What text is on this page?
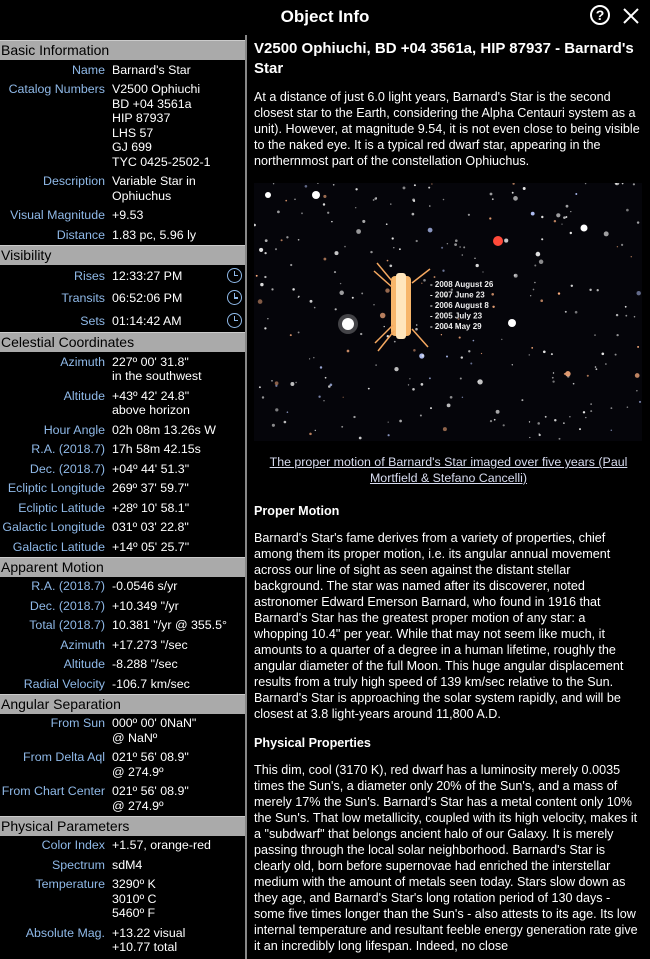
Object Info	?
Basic Information
Name Barnard's Star
Catalog Numbers V2500 Ophiuchi
BD +04 3561a
HIP 87937
LHS 57
GJ 699
TYC 0425-2502-1
Description Variable Star in
Ophiuchus
Visual Magnitude +9.53
Distance 1.83 pc, 5.96 ly
Visibility
Rises 12:33:27 PM
Transits 06:52:06 PM
Sets 01:14:42 AM
Celestial Coordinates
Azimuth 227º 00' 31.8"
in the southwest
Altitude +43º 42' 24.8"
above horizon
Hour Angle 02h 08m 13.26s W
R.A. (2018.7) 17h 58m 42.15s
Dec. (2018.7) +04º 44' 51.3"
Ecliptic Longitude 269º 37' 59.7"
Ecliptic Latitude +28º 10' 58.1"
Galactic Longitude 031º 03' 22.8"
Galactic Latitude +14º 05' 25.7"
Apparent Motion
R.A. (2018.7) -0.0546 s/yr
Dec. (2018.7) +10.349 "/yr
Total (2018.7) 10.381 "/yr @ 355.5°
Azimuth +17.273 "/sec
Altitude -8.288 "/sec
Radial Velocity -106.7 km/sec
Angular Separation
From Sun 000º 00' 0NaN"
@ NaNº
From Delta Aql 021º 56' 08.9"
@ 274.9º
From Chart Center 021º 56' 08.9"
@ 274.9º
Physical Parameters
Color Index +1.57, orange-red
Spectrum sdM4
Temperature 3290º K
3010º C
5460º F
Absolute Mag. +13.22 visual
+10.77 total
V2500 Ophiuchi, BD +04 3561a, HIP 87937 - Barnard's Star
At a distance of just 6.0 light years, Barnard's Star is the second closest star to the Earth, considering the Alpha Centauri system as a unit). However, at magnitude 9.54, it is not even close to being visible to the naked eye. It is a typical red dwarf star, appearing in the northernmost part of the constellation Ophiuchus.
- 2008 August 26
- 2007 June 23
- 2006 August 8
- 2005 July 23
- 2004 May 29
The proper motion of Barnard's Star imaged over five years (Paul Mortfield & Stefano Cancelli)
Proper Motion
Barnard's Star's fame derives from a variety of properties, chief among them its proper motion, i.e. its angular annual movement across our line of sight as seen against the distant stellar background. The star was named after its discoverer, noted astronomer Edward Emerson Barnard, who found in 1916 that Barnard's Star has the greatest proper motion of any star: a whopping 10.4" per year. While that may not seem like much, it amounts to a quarter of a degree in a human lifetime, roughly the angular diameter of the full Moon. This huge angular displacement results from a truly high speed of 139 km/sec relative to the Sun. Barnard's Star is approaching the solar system rapidly, and will be closest at 3.8 light-years around 11,800 A.D.
Physical Properties
This dim, cool (3170 K), red dwarf has a luminosity merely 0.0035 times the Sun's, a diameter only 20% of the Sun's, and a mass of merely 17% the Sun's. Barnard's Star has a metal content only 10% the Sun's. That low metallicity, coupled with its high velocity, makes it a "subdwarf" that belongs ancient halo of our Galaxy. It is merely passing through the local solar neighborhood. Barnard's Star is clearly old, born before supernovae had enriched the interstellar medium with the amount of metals seen today. Stars slow down as they age, and Barnard's Star's long rotation period of 130 days - some five times longer than the Sun's - also attests to its age. Its low internal temperature and resultant feeble energy generation rate give it an incredibly long lifespan. Indeed, no close
